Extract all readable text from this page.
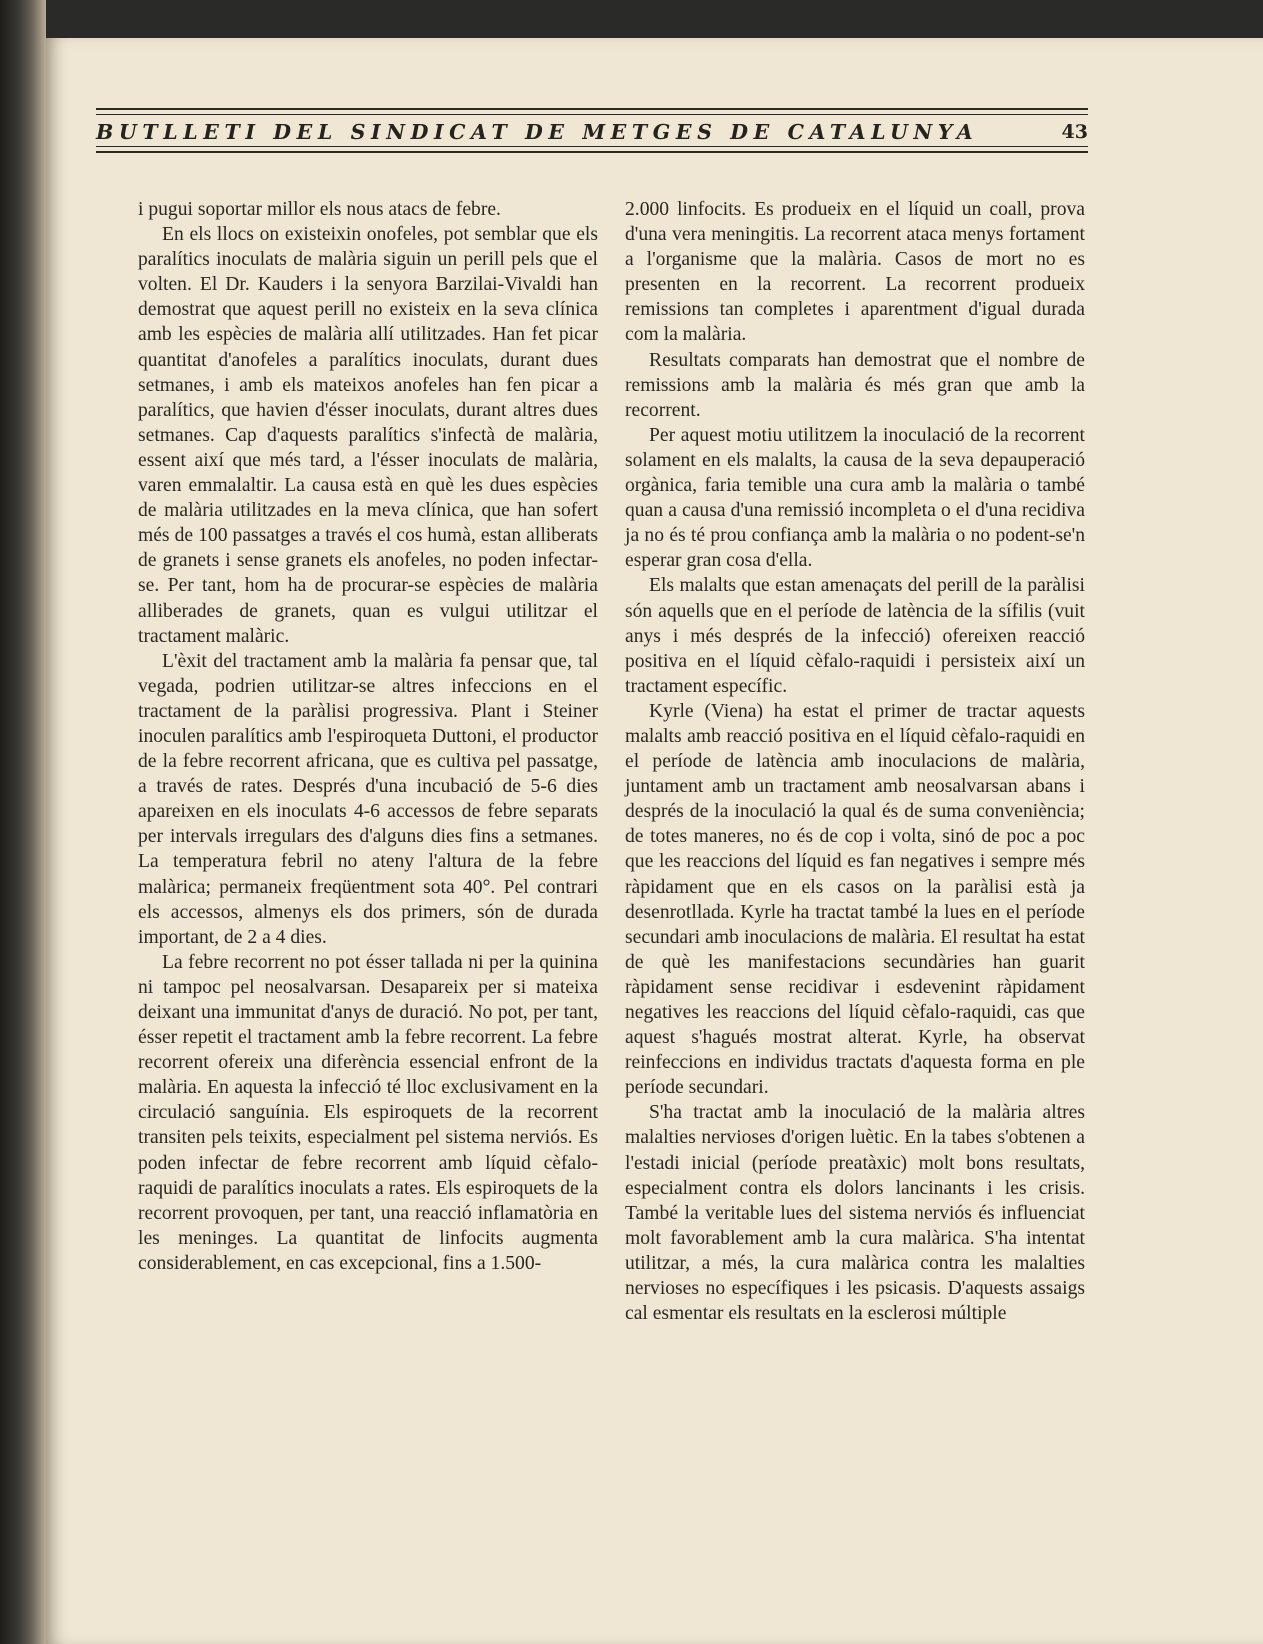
BUTLLETI DEL SINDICAT DE METGES DE CATALUNYA	43

i pugui soportar millor els nous atacs de febre.

En els llocs on existeixin onofeles, pot semblar que els paralítics inoculats de malària siguin un perill pels que el volten. El Dr. Kauders i la senyora Barzilai-Vivaldi han demostrat que aquest perill no existeix en la seva clínica amb les espècies de malària allí utilitzades. Han fet picar quantitat d'anofeles a paralítics inoculats, durant dues setmanes, i amb els mateixos anofeles han fen picar a paralítics, que havien d'ésser inoculats, durant altres dues setmanes. Cap d'aquests paralítics s'infectà de malària, essent així que més tard, a l'ésser inoculats de malària, varen emmalaltir. La causa està en què les dues espècies de malària utilitzades en la meva clínica, que han sofert més de 100 passatges a través el cos humà, estan alliberats de granets i sense granets els anofeles, no poden infectar-se. Per tant, hom ha de procurar-se espècies de malària alliberades de granets, quan es vulgui utilitzar el tractament malàric.

L'èxit del tractament amb la malària fa pensar que, tal vegada, podrien utilitzar-se altres infeccions en el tractament de la paràlisi progressiva. Plant i Steiner inoculen paralítics amb l'espiroqueta Duttoni, el productor de la febre recorrent africana, que es cultiva pel passatge, a través de rates. Després d'una incubació de 5-6 dies apareixen en els inoculats 4-6 accessos de febre separats per intervals irregulars des d'alguns dies fins a setmanes. La temperatura febril no ateny l'altura de la febre malàrica; permaneix freqüentment sota 40°. Pel contrari els accessos, almenys els dos primers, són de durada important, de 2 a 4 dies.

La febre recorrent no pot ésser tallada ni per la quinina ni tampoc pel neosalvarsan. Desapareix per si mateixa deixant una immunitat d'anys de duració. No pot, per tant, ésser repetit el tractament amb la febre recorrent. La febre recorrent ofereix una diferència essencial enfront de la malària. En aquesta la infecció té lloc exclusivament en la circulació sanguínia. Els espiroquets de la recorrent transiten pels teixits, especialment pel sistema nerviós. Es poden infectar de febre recorrent amb líquid cèfalo-raquidi de paralítics inoculats a rates. Els espiroquets de la recorrent provoquen, per tant, una reacció inflamatòria en les meninges. La quantitat de linfocits augmenta considerablement, en cas excepcional, fins a 1.500-

2.000 linfocits. Es produeix en el líquid un coall, prova d'una vera meningitis. La recorrent ataca menys fortament a l'organisme que la malària. Casos de mort no es presenten en la recorrent. La recorrent produeix remissions tan completes i aparentment d'igual durada com la malària.

Resultats comparats han demostrat que el nombre de remissions amb la malària és més gran que amb la recorrent.

Per aquest motiu utilitzem la inoculació de la recorrent solament en els malalts, la causa de la seva depauperació orgànica, faria temible una cura amb la malària o també quan a causa d'una remissió incompleta o el d'una recidiva ja no és té prou confiança amb la malària o no podent-se'n esperar gran cosa d'ella.

Els malalts que estan amenaçats del perill de la paràlisi són aquells que en el període de latència de la sífilis (vuit anys i més després de la infecció) ofereixen reacció positiva en el líquid cèfalo-raquidi i persisteix així un tractament específic.

Kyrle (Viena) ha estat el primer de tractar aquests malalts amb reacció positiva en el líquid cèfalo-raquidi en el període de latència amb inoculacions de malària, juntament amb un tractament amb neosalvarsan abans i després de la inoculació la qual és de suma conveniència; de totes maneres, no és de cop i volta, sinó de poc a poc que les reaccions del líquid es fan negatives i sempre més ràpidament que en els casos on la paràlisi està ja desenrotllada. Kyrle ha tractat també la lues en el període secundari amb inoculacions de malària. El resultat ha estat de què les manifestacions secundàries han guarit ràpidament sense recidivar i esdevenint ràpidament negatives les reaccions del líquid cèfalo-raquidi, cas que aquest s'hagués mostrat alterat. Kyrle, ha observat reinfeccions en individus tractats d'aquesta forma en ple període secundari.

S'ha tractat amb la inoculació de la malària altres malalties nervioses d'origen luètic. En la tabes s'obtenen a l'estadi inicial (període preatàxic) molt bons resultats, especialment contra els dolors lancinants i les crisis. També la veritable lues del sistema nerviós és influenciat molt favorablement amb la cura malàrica. S'ha intentat utilitzar, a més, la cura malàrica contra les malalties nervioses no específiques i les psicasis. D'aquests assaigs cal esmentar els resultats en la esclerosi múltiple
